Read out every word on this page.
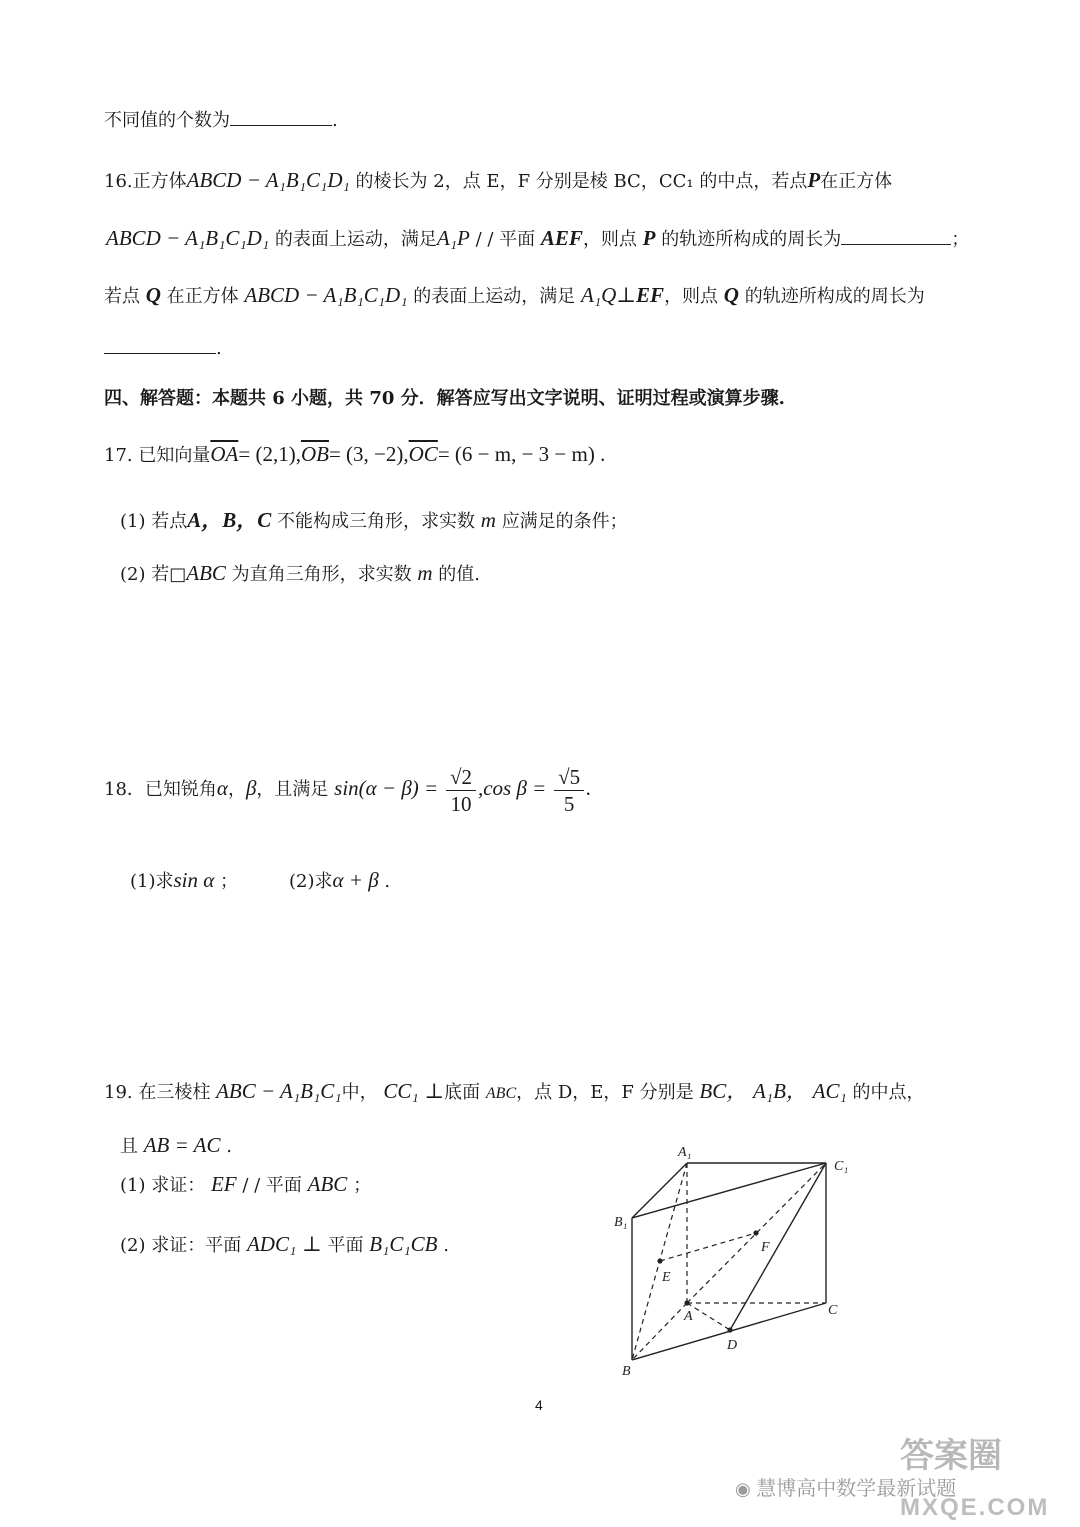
不同值的个数为	.
16.正方体ABCD − A₁B₁C₁D₁ 的棱长为 2，点 E，F 分别是棱 BC，CC₁ 的中点，若点P在正方体
ABCD − A₁B₁C₁D₁ 的表面上运动，满足A₁P / / 平面 AEF，则点 P 的轨迹所构成的周长为	；
若点 Q 在正方体 ABCD − A₁B₁C₁D₁ 的表面上运动，满足 A₁Q⊥EF，则点 Q 的轨迹所构成的周长为
.
四、解答题：本题共 6 小题，共 70 分．解答应写出文字说明、证明过程或演算步骤.
17. 已知向量$\overline{OA}= (2,1),\overline{OB}= (3$, $-2),\overline{OC}= (6 - m$, − 3 − m) .
(1) 若点A，B，C 不能构成三角形，求实数 m 应满足的条件；
(2) 若□ABC 为直角三角形，求实数 m 的值.
18．已知锐角α，β，且满足 $\sin(\alpha - \beta) = \frac{√2}{10} ,\cos$ $\beta = \frac{√5}{5}$ .
(1)求sin α ；	(2)求α + β .
19. 在三棱柱 ABC − A₁B₁C₁中， CC₁ ⊥底面 ABC，点 D，E，F 分别是 BC， A₁B， AC₁ 的中点，
且 AB = AC .
(1) 求证： EF / / 平面 ABC ；
(2) 求证：平面 ADC₁ ⊥ 平面 B₁C₁CB .
A₁
C₁
B₁
F
E
A	C
D
B
4
◉ 慧博高中数学最新试题
答案圈
MXQE.COM
